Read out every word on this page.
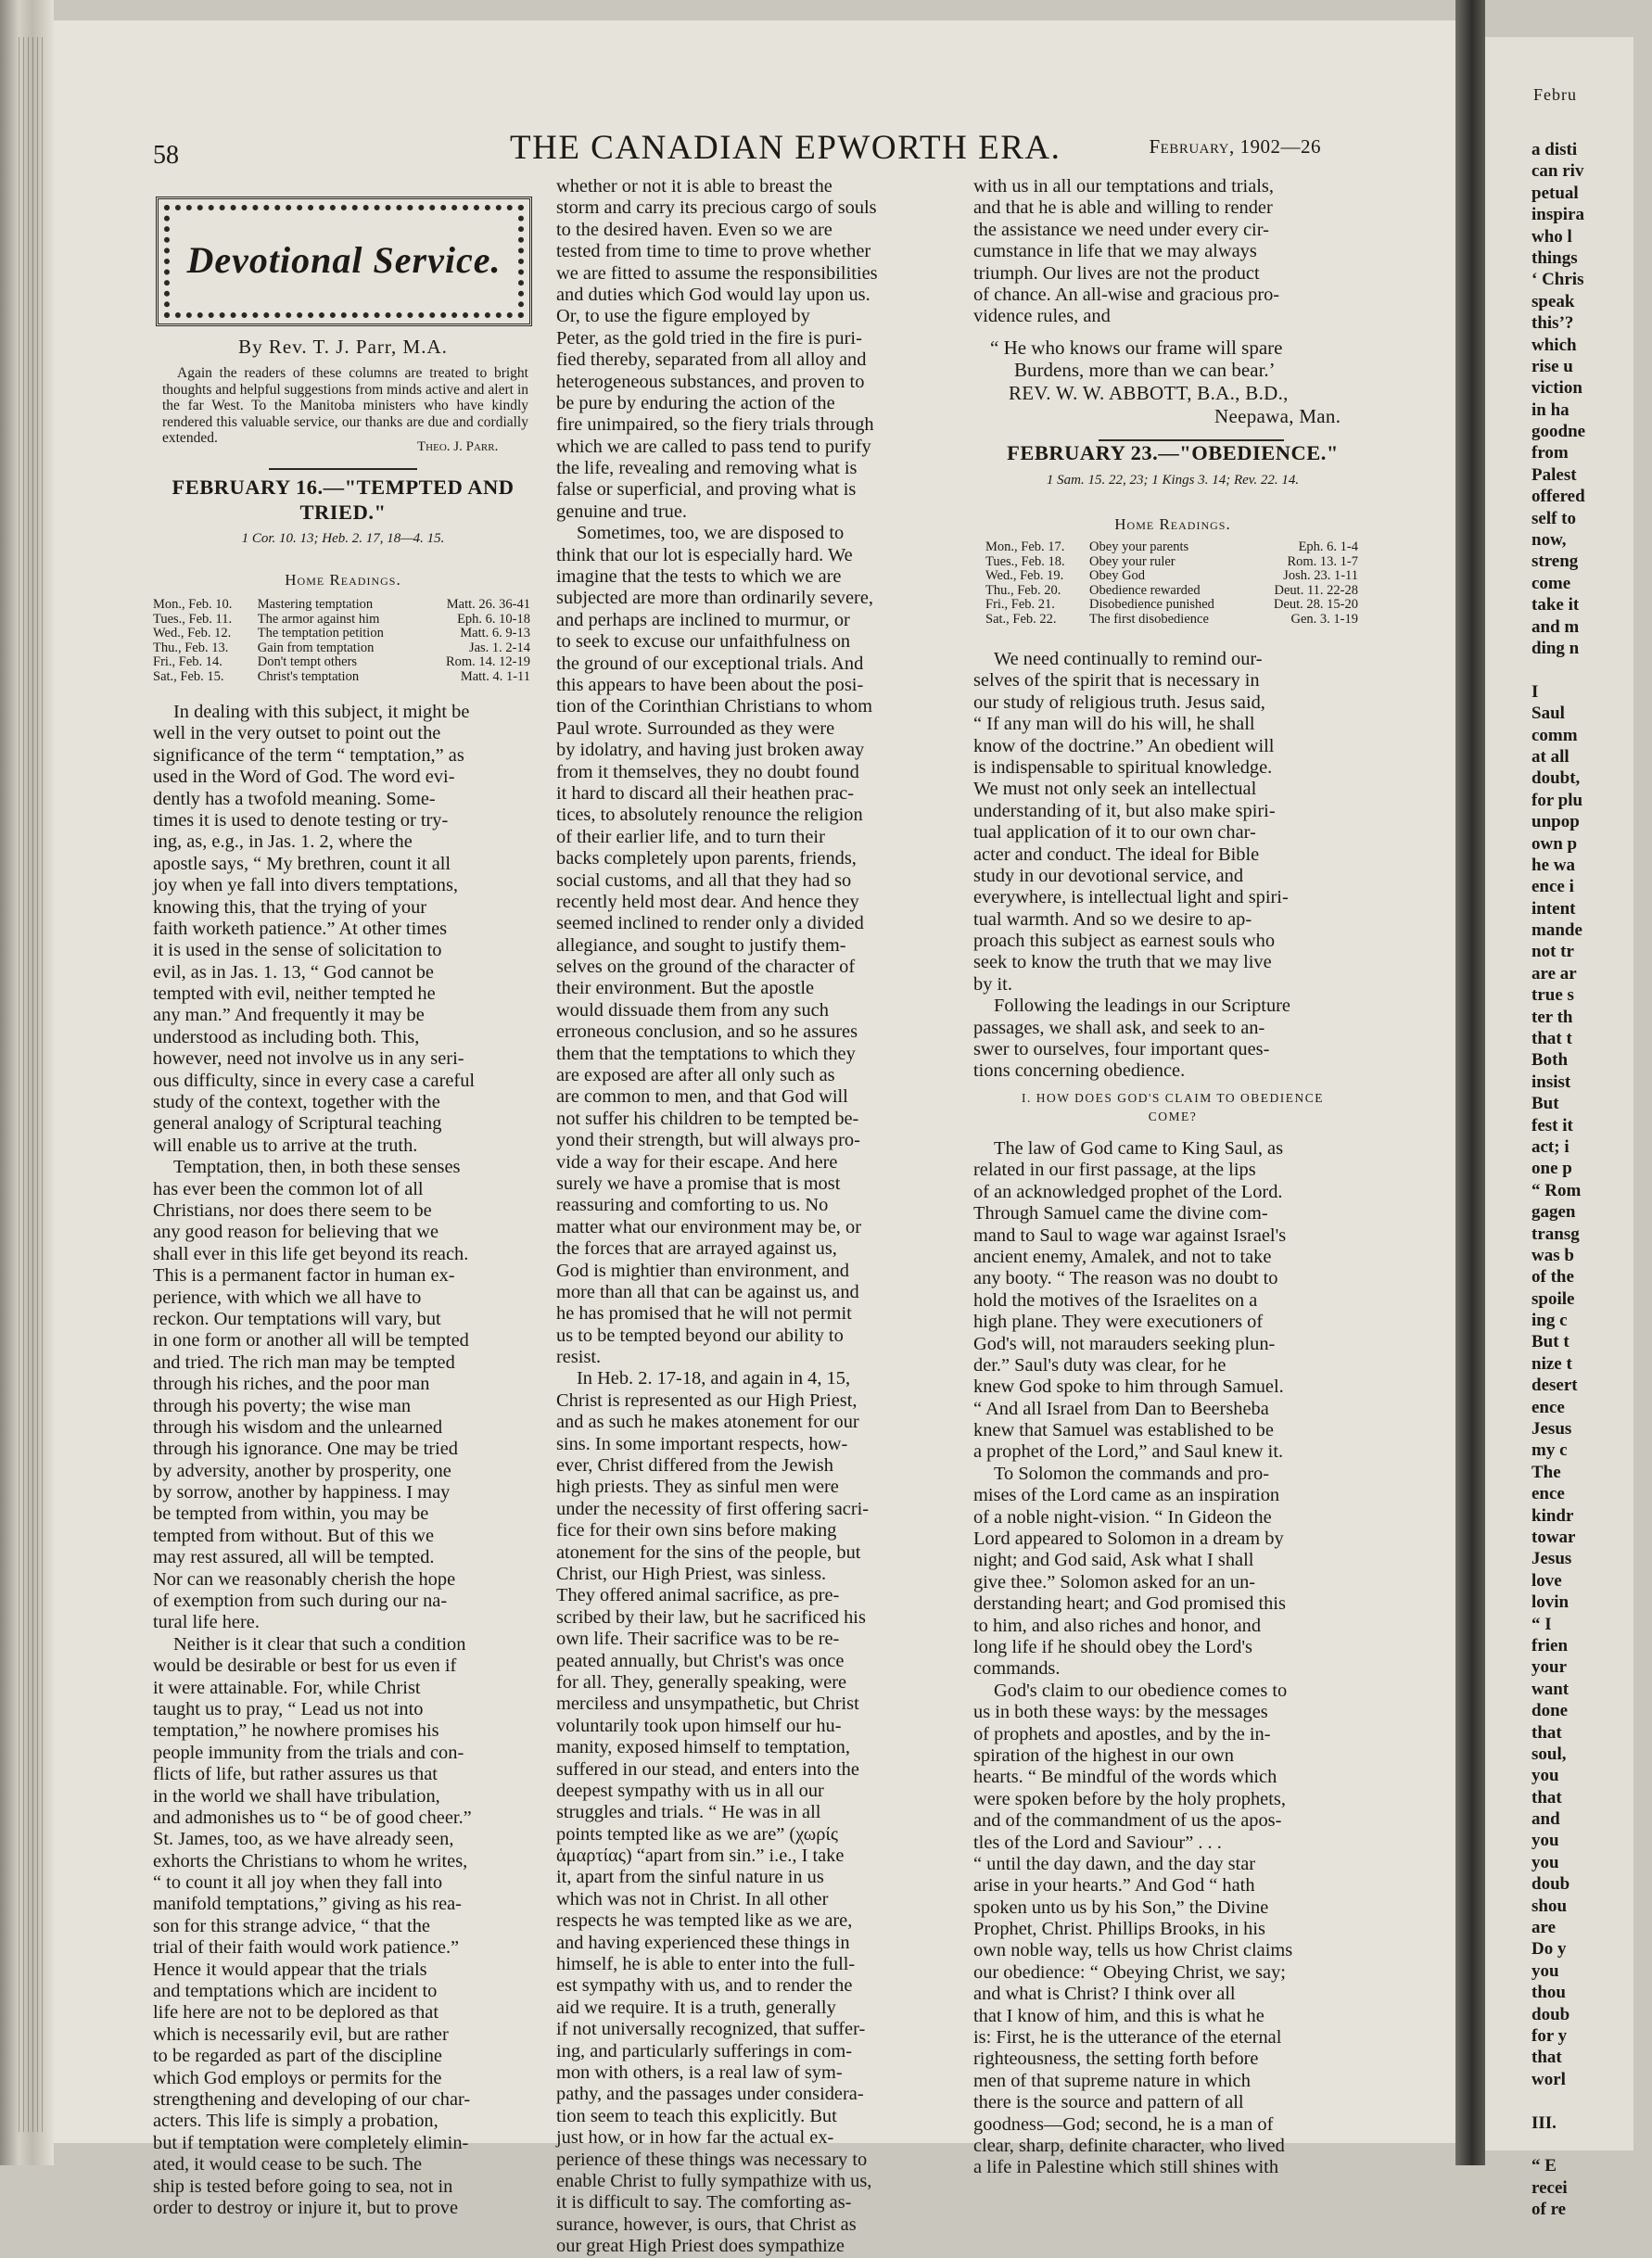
Febru
a disti
can riv
petual
inspira
who l
things
‘ Chris
speak
this’?
which
rise u
viction
in ha
goodne
from
Palest
offered
self to
now,
streng
come
take it
and m
ding n
I
Saul
comm
at all
doubt,
for plu
unpop
own p
he wa
ence i
intent
mande
not tr
are ar
true s
ter th
that t
Both
insist
But
fest it
act; i
one p
“ Rom
gagen
transg
was b
of the
spoile
ing c
But t
nize t
desert
ence
Jesus
my c
The
ence
kindr
towar
Jesus
love
lovin
“ I
frien
your
want
done
that
soul,
you
that
and
you
you
doub
shou
are
Do y
you
thou
doub
for y
that
worl
III.
“ E
recei
of re
58	THE CANADIAN EPWORTH ERA.	February, 1902—26
Devotional Service.
By Rev. T. J. Parr, M.A.

Again the readers of these columns are treated to bright thoughts and helpful suggestions from minds active and alert in the far West. To the Manitoba ministers who have kindly rendered this valuable service, our thanks are due and cordially extended.

Theo. J. Parr.
FEBRUARY 16.—"TEMPTED AND
TRIED."
1 Cor. 10. 13; Heb. 2. 17, 18—4. 15.
Home Readings.
Mon., Feb. 10.	Mastering temptation	Matt. 26. 36-41
Tues., Feb. 11.	The armor against him	Eph. 6. 10-18
Wed., Feb. 12.	The temptation petition	Matt. 6. 9-13
Thu., Feb. 13.	Gain from temptation	Jas. 1. 2-14
Fri., Feb. 14.	Don't tempt others	Rom. 14. 12-19
Sat., Feb. 15.	Christ's temptation	Matt. 4. 1-11
In dealing with this subject, it might be
well in the very outset to point out the
significance of the term “ temptation,” as
used in the Word of God. The word evi-
dently has a twofold meaning. Some-
times it is used to denote testing or try-
ing, as, e.g., in Jas. 1. 2, where the
apostle says, “ My brethren, count it all
joy when ye fall into divers temptations,
knowing this, that the trying of your
faith worketh patience.” At other times
it is used in the sense of solicitation to
evil, as in Jas. 1. 13, “ God cannot be
tempted with evil, neither tempted he
any man.” And frequently it may be
understood as including both. This,
however, need not involve us in any seri-
ous difficulty, since in every case a careful
study of the context, together with the
general analogy of Scriptural teaching
will enable us to arrive at the truth.
Temptation, then, in both these senses
has ever been the common lot of all
Christians, nor does there seem to be
any good reason for believing that we
shall ever in this life get beyond its reach.
This is a permanent factor in human ex-
perience, with which we all have to
reckon. Our temptations will vary, but
in one form or another all will be tempted
and tried. The rich man may be tempted
through his riches, and the poor man
through his poverty; the wise man
through his wisdom and the unlearned
through his ignorance. One may be tried
by adversity, another by prosperity, one
by sorrow, another by happiness. I may
be tempted from within, you may be
tempted from without. But of this we
may rest assured, all will be tempted.
Nor can we reasonably cherish the hope
of exemption from such during our na-
tural life here.
Neither is it clear that such a condition
would be desirable or best for us even if
it were attainable. For, while Christ
taught us to pray, “ Lead us not into
temptation,” he nowhere promises his
people immunity from the trials and con-
flicts of life, but rather assures us that
in the world we shall have tribulation,
and admonishes us to “ be of good cheer.”
St. James, too, as we have already seen,
exhorts the Christians to whom he writes,
“ to count it all joy when they fall into
manifold temptations,” giving as his rea-
son for this strange advice, “ that the
trial of their faith would work patience.”
Hence it would appear that the trials
and temptations which are incident to
life here are not to be deplored as that
which is necessarily evil, but are rather
to be regarded as part of the discipline
which God employs or permits for the
strengthening and developing of our char-
acters. This life is simply a probation,
but if temptation were completely elimin-
ated, it would cease to be such. The
ship is tested before going to sea, not in
order to destroy or injure it, but to prove
whether or not it is able to breast the
storm and carry its precious cargo of souls
to the desired haven. Even so we are
tested from time to time to prove whether
we are fitted to assume the responsibilities
and duties which God would lay upon us.
Or, to use the figure employed by
Peter, as the gold tried in the fire is puri-
fied thereby, separated from all alloy and
heterogeneous substances, and proven to
be pure by enduring the action of the
fire unimpaired, so the fiery trials through
which we are called to pass tend to purify
the life, revealing and removing what is
false or superficial, and proving what is
genuine and true.
Sometimes, too, we are disposed to
think that our lot is especially hard. We
imagine that the tests to which we are
subjected are more than ordinarily severe,
and perhaps are inclined to murmur, or
to seek to excuse our unfaithfulness on
the ground of our exceptional trials. And
this appears to have been about the posi-
tion of the Corinthian Christians to whom
Paul wrote. Surrounded as they were
by idolatry, and having just broken away
from it themselves, they no doubt found
it hard to discard all their heathen prac-
tices, to absolutely renounce the religion
of their earlier life, and to turn their
backs completely upon parents, friends,
social customs, and all that they had so
recently held most dear. And hence they
seemed inclined to render only a divided
allegiance, and sought to justify them-
selves on the ground of the character of
their environment. But the apostle
would dissuade them from any such
erroneous conclusion, and so he assures
them that the temptations to which they
are exposed are after all only such as
are common to men, and that God will
not suffer his children to be tempted be-
yond their strength, but will always pro-
vide a way for their escape. And here
surely we have a promise that is most
reassuring and comforting to us. No
matter what our environment may be, or
the forces that are arrayed against us,
God is mightier than environment, and
more than all that can be against us, and
he has promised that he will not permit
us to be tempted beyond our ability to
resist.
In Heb. 2. 17-18, and again in 4, 15,
Christ is represented as our High Priest,
and as such he makes atonement for our
sins. In some important respects, how-
ever, Christ differed from the Jewish
high priests. They as sinful men were
under the necessity of first offering sacri-
fice for their own sins before making
atonement for the sins of the people, but
Christ, our High Priest, was sinless.
They offered animal sacrifice, as pre-
scribed by their law, but he sacrificed his
own life. Their sacrifice was to be re-
peated annually, but Christ's was once
for all. They, generally speaking, were
merciless and unsympathetic, but Christ
voluntarily took upon himself our hu-
manity, exposed himself to temptation,
suffered in our stead, and enters into the
deepest sympathy with us in all our
struggles and trials. “ He was in all
points tempted like as we are” (χωρίς
ἁμαρτίας) “apart from sin.” i.e., I take
it, apart from the sinful nature in us
which was not in Christ. In all other
respects he was tempted like as we are,
and having experienced these things in
himself, he is able to enter into the full-
est sympathy with us, and to render the
aid we require. It is a truth, generally
if not universally recognized, that suffer-
ing, and particularly sufferings in com-
mon with others, is a real law of sym-
pathy, and the passages under considera-
tion seem to teach this explicitly. But
just how, or in how far the actual ex-
perience of these things was necessary to
enable Christ to fully sympathize with us,
it is difficult to say. The comforting as-
surance, however, is ours, that Christ as
our great High Priest does sympathize
with us in all our temptations and trials,
and that he is able and willing to render
the assistance we need under every cir-
cumstance in life that we may always
triumph. Our lives are not the product
of chance. An all-wise and gracious pro-
vidence rules, and
“ He who knows our frame will spare
Burdens, more than we can bear.’
REV. W. W. ABBOTT, B.A., B.D.,
Neepawa, Man.
FEBRUARY 23.—"OBEDIENCE."
1 Sam. 15. 22, 23; 1 Kings 3. 14; Rev. 22. 14.
Home Readings.
Mon., Feb. 17.	Obey your parents	Eph. 6. 1-4
Tues., Feb. 18.	Obey your ruler	Rom. 13. 1-7
Wed., Feb. 19.	Obey God	Josh. 23. 1-11
Thu., Feb. 20.	Obedience rewarded	Deut. 11. 22-28
Fri., Feb. 21.	Disobedience punished	Deut. 28. 15-20
Sat., Feb. 22.	The first disobedience	Gen. 3. 1-19
We need continually to remind our-
selves of the spirit that is necessary in
our study of religious truth. Jesus said,
“ If any man will do his will, he shall
know of the doctrine.” An obedient will
is indispensable to spiritual knowledge.
We must not only seek an intellectual
understanding of it, but also make spiri-
tual application of it to our own char-
acter and conduct. The ideal for Bible
study in our devotional service, and
everywhere, is intellectual light and spiri-
tual warmth. And so we desire to ap-
proach this subject as earnest souls who
seek to know the truth that we may live
by it.
Following the leadings in our Scripture
passages, we shall ask, and seek to an-
swer to ourselves, four important ques-
tions concerning obedience.
I. HOW DOES GOD'S CLAIM TO OBEDIENCE
COME?
The law of God came to King Saul, as
related in our first passage, at the lips
of an acknowledged prophet of the Lord.
Through Samuel came the divine com-
mand to Saul to wage war against Israel's
ancient enemy, Amalek, and not to take
any booty. “ The reason was no doubt to
hold the motives of the Israelites on a
high plane. They were executioners of
God's will, not marauders seeking plun-
der.” Saul's duty was clear, for he
knew God spoke to him through Samuel.
“ And all Israel from Dan to Beersheba
knew that Samuel was established to be
a prophet of the Lord,” and Saul knew it.
To Solomon the commands and pro-
mises of the Lord came as an inspiration
of a noble night-vision. “ In Gideon the
Lord appeared to Solomon in a dream by
night; and God said, Ask what I shall
give thee.” Solomon asked for an un-
derstanding heart; and God promised this
to him, and also riches and honor, and
long life if he should obey the Lord's
commands.
God's claim to our obedience comes to
us in both these ways: by the messages
of prophets and apostles, and by the in-
spiration of the highest in our own
hearts. “ Be mindful of the words which
were spoken before by the holy prophets,
and of the commandment of us the apos-
tles of the Lord and Saviour” . . .
“ until the day dawn, and the day star
arise in your hearts.” And God “ hath
spoken unto us by his Son,” the Divine
Prophet, Christ. Phillips Brooks, in his
own noble way, tells us how Christ claims
our obedience: “ Obeying Christ, we say;
and what is Christ? I think over all
that I know of him, and this is what he
is: First, he is the utterance of the eternal
righteousness, the setting forth before
men of that supreme nature in which
there is the source and pattern of all
goodness—God; second, he is a man of
clear, sharp, definite character, who lived
a life in Palestine which still shines with
